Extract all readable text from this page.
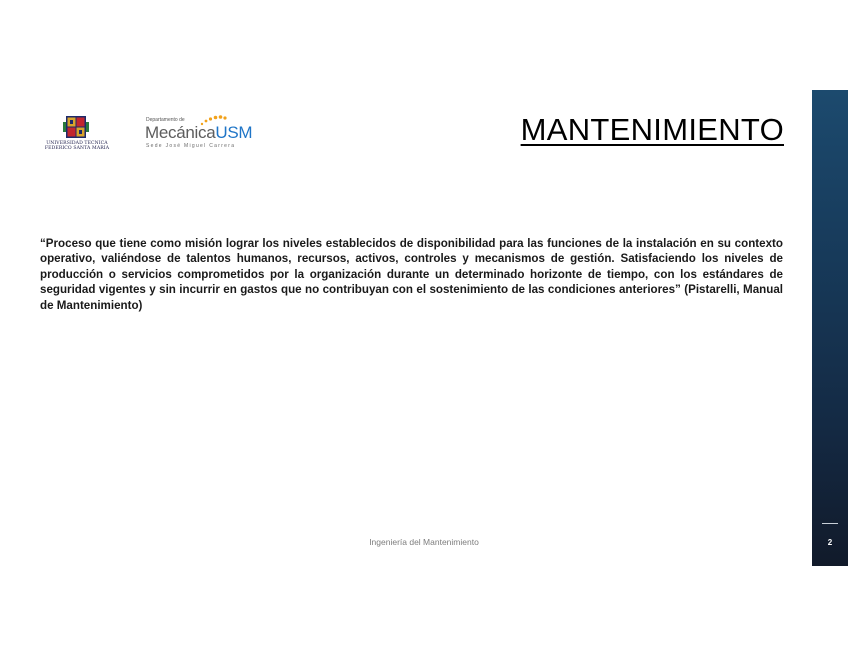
UNIVERSIDAD TECNICA
FEDERICO SANTA MARIA
Departamento de
MecánicaUSM
Sede José Miguel Carrera	MANTENIMIENTO

“Proceso que tiene como misión lograr los niveles establecidos de disponibilidad para las funciones de la instalación en su contexto operativo, valiéndose de talentos humanos, recursos, activos, controles y mecanismos de gestión. Satisfaciendo los niveles de producción o servicios comprometidos por la organización durante un determinado horizonte de tiempo, con los estándares de seguridad vigentes y sin incurrir en gastos que no contribuyan con el sostenimiento de las condiciones anteriores” (Pistarelli, Manual de Mantenimiento)

Ingeniería del Mantenimiento	2
